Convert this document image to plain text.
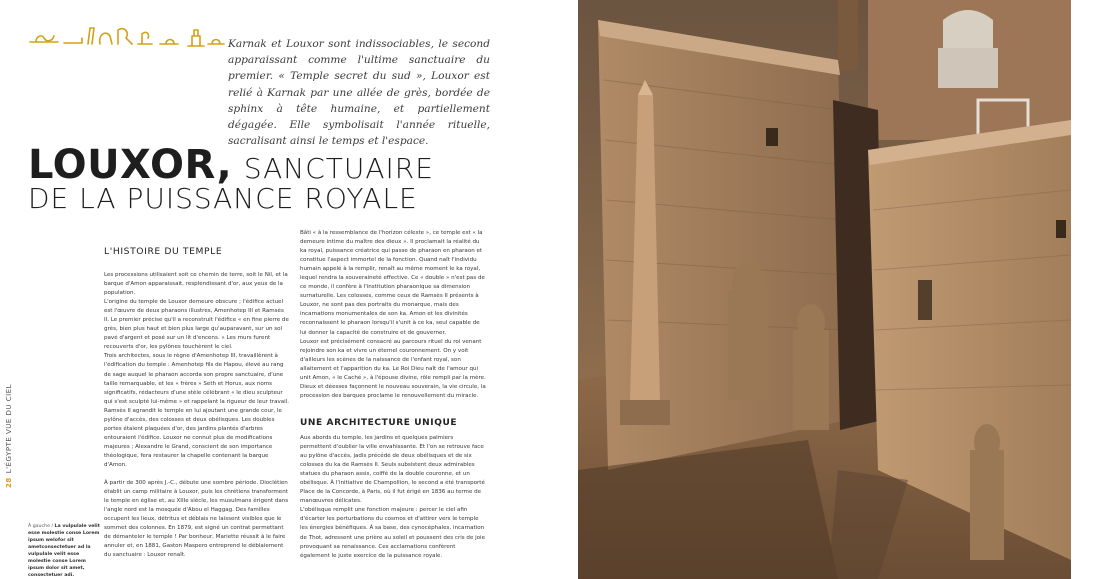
Karnak et Louxor sont indissociables, le second apparaissant comme l'ultime sanctuaire du premier. « Temple secret du sud », Louxor est relié à Karnak par une allée de grès, bordée de sphinx à tête humaine, et partiellement dégagée. Elle symbolisait l'année rituelle, sacralisant ainsi le temps et l'espace.

LOUXOR, SANCTUAIRE
DE LA PUISSANCE ROYALE
L'HISTOIRE DU TEMPLE

Les processions utilisaient soit ce chemin de terre, soit le Nil, et la barque d'Amon apparaissait, resplendissant d'or, aux yeux de la population.

L'origine du temple de Louxor demeure obscure ; l'édifice actuel est l'œuvre de deux pharaons illustres, Amenhotep III et Ramsès II. Le premier précise qu'il a reconstruit l'édifice « en fine pierre de grès, bien plus haut et bien plus large qu'auparavant, sur un sol pavé d'argent et posé sur un lit d'encens. » Les murs furent recouverts d'or, les pylônes touchèrent le ciel.

Trois architectes, sous le règne d'Amenhotep III, travaillèrent à l'édification du temple : Amenhotep fils de Hapou, élevé au rang de sage auquel le pharaon accorda son propre sanctuaire, d'une taille remarquable, et les « frères » Seth et Horus, aux noms significatifs, rédacteurs d'une stèle célébrant « le dieu sculpteur qui s'est sculpté lui-même » et rappelant la rigueur de leur travail.

Ramsès II agrandit le temple en lui ajoutant une grande cour, le pylône d'accès, des colosses et deux obélisques. Les doubles portes étaient plaquées d'or, des jardins plantés d'arbres entouraient l'édifice. Louxor ne connut plus de modifications majeures ; Alexandre le Grand, conscient de son importance théologique, fera restaurer la chapelle contenant la barque d'Amon.

À partir de 300 après J.-C., débute une sombre période. Dioclétien établit un camp militaire à Louxor, puis les chrétiens transforment le temple en église et, au XIIIe siècle, les musulmans érigent dans l'angle nord est la mosquée d'Abou el Haggag. Des familles occupent les lieux, détritus et déblais ne laissent visibles que le sommet des colonnes. En 1879, est signé un contrat permettant de démanteler le temple ! Par bonheur, Mariette réussit à le faire annuler et, en 1881, Gaston Maspero entreprend le déblaiement du sanctuaire : Louxor renaît.

Bâti « à la ressemblance de l'horizon céleste », ce temple est « la demeure intime du maître des dieux ». Il proclamait la réalité du ka royal, puissance créatrice qui passe de pharaon en pharaon et constitue l'aspect immortel de la fonction. Quand naît l'individu humain appelé à la remplir, renaît au même moment le ka royal, lequel rendra la souveraineté effective. Ce « double » n'est pas de ce monde, il confère à l'institution pharaonique sa dimension surnaturelle. Les colosses, comme ceux de Ramsès II présents à Louxor, ne sont pas des portraits du monarque, mais des incarnations monumentales de son ka. Amon et les divinités reconnaissent le pharaon lorsqu'il s'unit à ce ka, seul capable de lui donner la capacité de construire et de gouverner.

Louxor est précisément consacré au parcours rituel du roi venant rejoindre son ka et vivre un éternel couronnement. On y voit d'ailleurs les scènes de la naissance de l'enfant royal, son allaitement et l'apparition du ka. Le Roi Dieu naît de l'amour qui unit Amon, « le Caché », à l'épouse divine, rôle rempli par la mère. Dieux et déesses façonnent le nouveau souverain, la vie circule, la procession des barques proclame le renouvellement du miracle.

UNE ARCHITECTURE UNIQUE

Aux abords du temple, les jardins et quelques palmiers permettent d'oublier la ville envahissante. Et l'on se retrouve face au pylône d'accès, jadis précédé de deux obélisques et de six colosses du ka de Ramsès II. Seuls subsistent deux admirables statues du pharaon assis, coiffé de la double couronne, et un obélisque. À l'initiative de Champollion, le second a été transporté Place de la Concorde, à Paris, où il fut érigé en 1836 au terme de manœuvres délicates.

L'obélisque remplit une fonction majeure : percer le ciel afin d'écarter les perturbations du cosmos et d'attirer vers le temple les énergies bénéfiques. À sa base, des cynocéphales, incarnation de Thot, adressent une prière au soleil et poussent des cris de joie provoquant sa renaissance. Ces acclamations confèrent également le juste exercice de la puissance royale.

À gauche / La vulpulale velit esse molestie conse Lorem ipsum welofor sit ametconsectetuer ad la vulpulale velit esse molestie conse Lorem ipsum dolor sit amet, consectetuer adi.
28L'ÉGYPTE VUE DU CIEL
